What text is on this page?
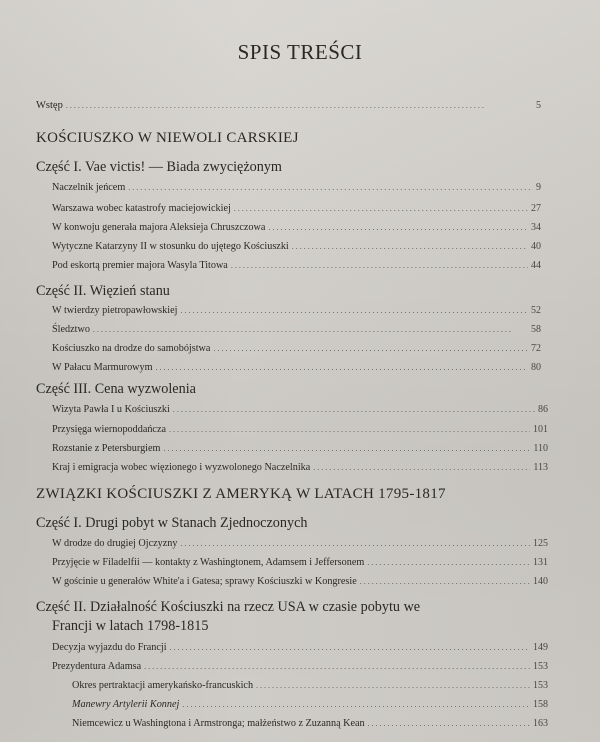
SPIS TREŚCI
Wstęp . . .	5
KOŚCIUSZKO W NIEWOLI CARSKIEJ
Część I. Vae victis! — Biada zwyciężonym
Naczelnik jeńcem . . .	9
Warszawa wobec katastrofy maciejowickiej . . .	27
W konwoju generała majora Aleksieja Chruszczowa . . .	34
Wytyczne Katarzyny II w stosunku do ujętego Kościuszki . . .	40
Pod eskortą premier majora Wasyla Titowa . . .	44
Część II. Więzień stanu
W twierdzy pietropawłowskiej . . .	52
Śledztwo . . .	58
Kościuszko na drodze do samobójstwa . . .	72
W Pałacu Marmurowym . . .	80
Część III. Cena wyzwolenia
Wizyta Pawła I u Kościuszki . . .	86
Przysięga wiernopoddańcza . . .	101
Rozstanie z Petersburgiem . . .	110
Kraj i emigracja wobec więzionego i wyzwolonego Naczelnika . . .	113
ZWIĄZKI KOŚCIUSZKI Z AMERYKĄ W LATACH 1795-1817
Część I. Drugi pobyt w Stanach Zjednoczonych
W drodze do drugiej Ojczyzny . . .	125
Przyjęcie w Filadelfii — kontakty z Washingtonem, Adamsem i Jeffersonem . . .	131
W gościnie u generałów White'a i Gatesa; sprawy Kościuszki w Kongresie . . .	140
Część II. Działalność Kościuszki na rzecz USA w czasie pobytu we
Francji w latach 1798-1815
Decyzja wyjazdu do Francji . . .	149
Prezydentura Adamsa . . .	153
Okres pertraktacji amerykańsko-francuskich . . .	153
Manewry Artylerii Konnej . . .	158
Niemcewicz u Washingtona i Armstronga; małżeństwo z Zuzanną Kean . . .	163
